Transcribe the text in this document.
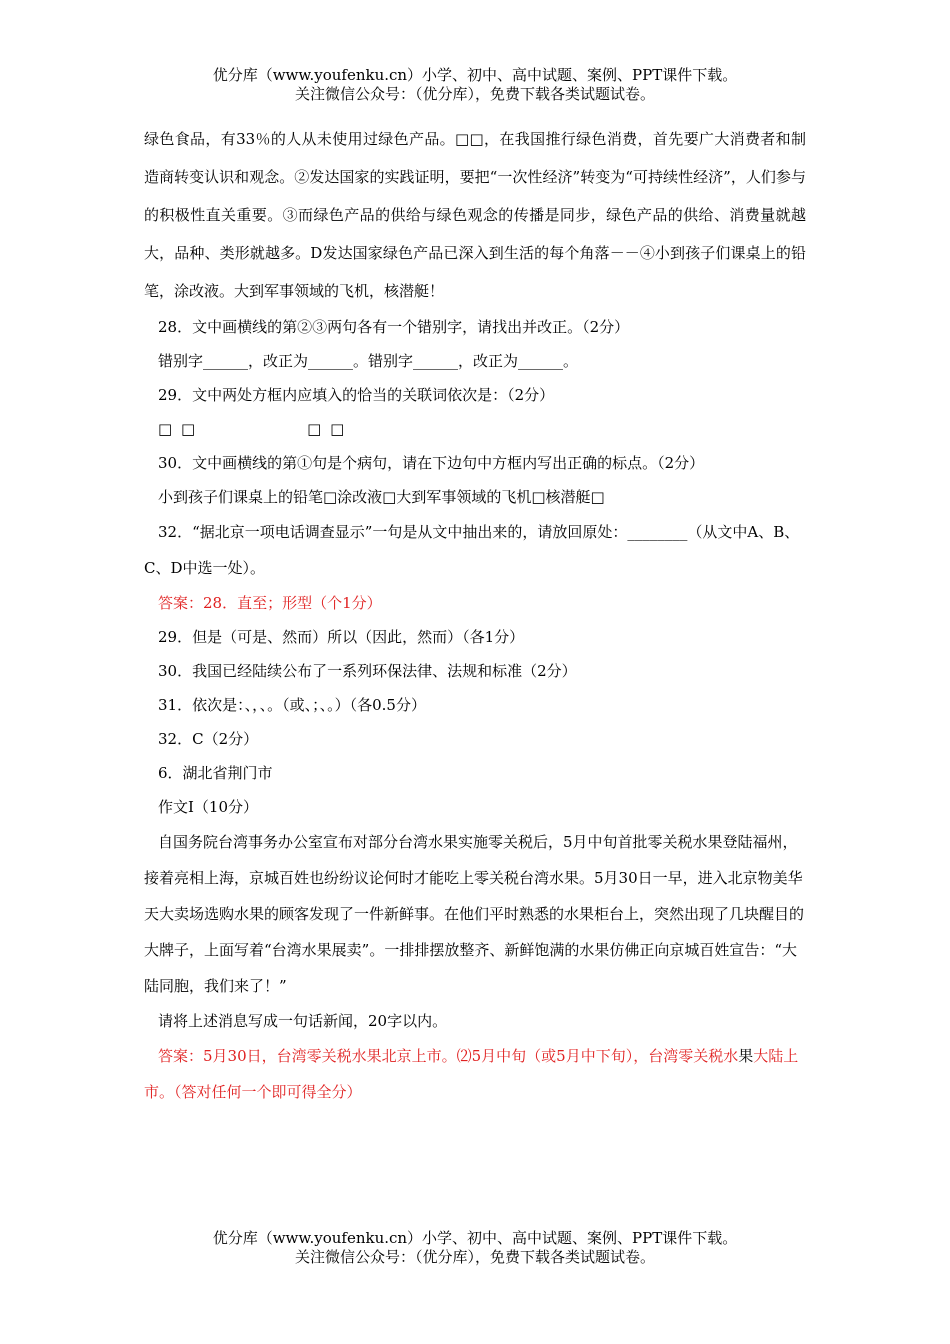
优分库（www.youfenku.cn）小学、初中、高中试题、案例、PPT课件下载。
关注微信公众号：（优分库），免费下载各类试题试卷。

绿色食品，有33％的人从未使用过绿色产品。□□，在我国推行绿色消费，首先要广大消费者和制造商转变认识和观念。②发达国家的实践证明，要把“一次性经济”转变为“可持续性经济”，人们参与的积极性直关重要。③而绿色产品的供给与绿色观念的传播是同步，绿色产品的供给、消费量就越大，品种、类形就越多。D发达国家绿色产品已深入到生活的每个角落－－④小到孩子们课桌上的铅笔，涂改液。大到军事领域的飞机，核潜艇！

28．文中画横线的第②③两句各有一个错别字，请找出并改正。（2分）

错别字______，改正为______。错别字______，改正为______。

29．文中两处方框内应填入的恰当的关联词依次是：（2分）

□ □	□ □

30．文中画横线的第①句是个病句，请在下边句中方框内写出正确的标点。（2分）

小到孩子们课桌上的铅笔□涂改液□大到军事领域的飞机□核潜艇□

32．“据北京一项电话调查显示”一句是从文中抽出来的，请放回原处：________（从文中A、B、C、D中选一处）。

答案：28．直至；形型（个1分）

29．但是（可是、然而）所以（因此，然而）（各1分）

30．我国已经陆续公布了一系列环保法律、法规和标准（2分）

31．依次是：、，、。（或、；、。）（各0.5分）

32．C（2分）

6．湖北省荆门市

作文Ⅰ（10分）

自国务院台湾事务办公室宣布对部分台湾水果实施零关税后，5月中旬首批零关税水果登陆福州，接着亮相上海，京城百姓也纷纷议论何时才能吃上零关税台湾水果。5月30日一早，进入北京物美华天大卖场选购水果的顾客发现了一件新鲜事。在他们平时熟悉的水果柜台上，突然出现了几块醒目的大牌子，上面写着“台湾水果展卖”。一排排摆放整齐、新鲜饱满的水果仿佛正向京城百姓宣告：“大陆同胞，我们来了！”

请将上述消息写成一句话新闻，20字以内。

答案：5月30日，台湾零关税水果北京上市。⑵5月中旬（或5月中下旬），台湾零关税水果大陆上市。（答对任何一个即可得全分）

优分库（www.youfenku.cn）小学、初中、高中试题、案例、PPT课件下载。
关注微信公众号：（优分库），免费下载各类试题试卷。
